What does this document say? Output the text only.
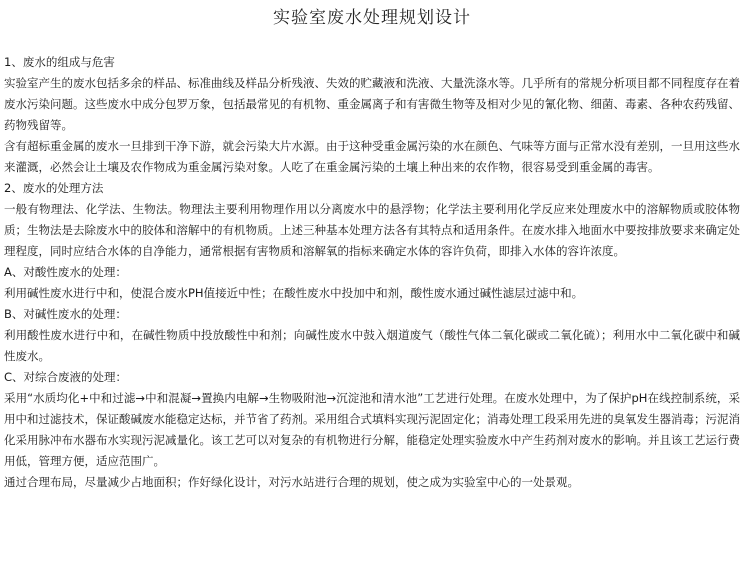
实验室废水处理规划设计
1、废水的组成与危害

实验室产生的废水包括多余的样品、标准曲线及样品分析残液、失效的贮藏液和洗液、大量洗涤水等。几乎所有的常规分析项目都不同程度存在着废水污染问题。这些废水中成分包罗万象，包括最常见的有机物、重金属离子和有害微生物等及相对少见的氰化物、细菌、毒素、各种农药残留、药物残留等。

含有超标重金属的废水一旦排到干净下游，就会污染大片水源。由于这种受重金属污染的水在颜色、气味等方面与正常水没有差别，一旦用这些水来灌溉，必然会让土壤及农作物成为重金属污染对象。人吃了在重金属污染的土壤上种出来的农作物，很容易受到重金属的毒害。

2、废水的处理方法

一般有物理法、化学法、生物法。物理法主要利用物理作用以分离废水中的悬浮物；化学法主要利用化学反应来处理废水中的溶解物质或胶体物质；生物法是去除废水中的胶体和溶解中的有机物质。上述三种基本处理方法各有其特点和适用条件。在废水排入地面水中要按排放要求来确定处理程度，同时应结合水体的自净能力，通常根据有害物质和溶解氧的指标来确定水体的容许负荷，即排入水体的容许浓度。

A、对酸性废水的处理：

利用碱性废水进行中和，使混合废水PH值接近中性；在酸性废水中投加中和剂，酸性废水通过碱性滤层过滤中和。

B、对碱性废水的处理：

利用酸性废水进行中和，在碱性物质中投放酸性中和剂；向碱性废水中鼓入烟道废气（酸性气体二氧化碳或二氧化硫）；利用水中二氧化碳中和碱性废水。

C、对综合废液的处理：

采用“水质均化+中和过滤→中和混凝→置换内电解→生物吸附池→沉淀池和清水池”工艺进行处理。在废水处理中，为了保护pH在线控制系统，采用中和过滤技术，保证酸碱废水能稳定达标，并节省了药剂。采用组合式填料实现污泥固定化；消毒处理工段采用先进的臭氧发生器消毒；污泥消化采用脉冲布水器布水实现污泥减量化。该工艺可以对复杂的有机物进行分解，能稳定处理实验废水中产生药剂对废水的影响。并且该工艺运行费用低，管理方便，适应范围广。

通过合理布局，尽量减少占地面积；作好绿化设计，对污水站进行合理的规划，使之成为实验室中心的一处景观。
